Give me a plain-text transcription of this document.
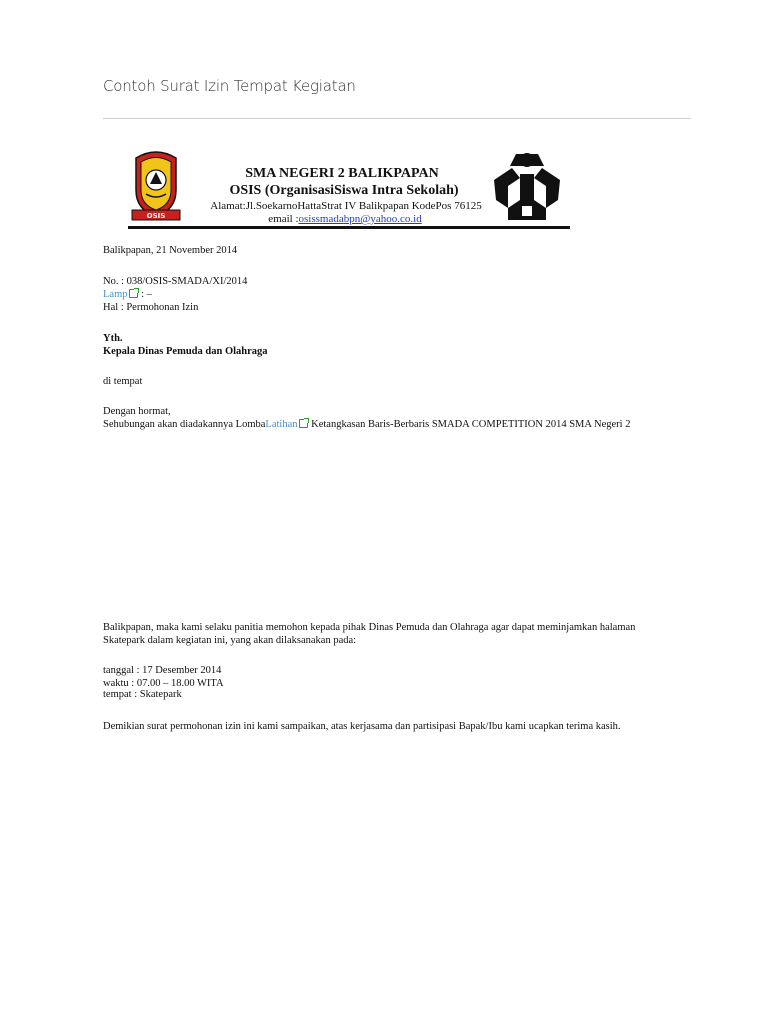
Contoh Surat Izin Tempat Kegiatan
OSIS
SMA NEGERI 2 BALIKPAPAN
OSIS (OrganisasiSiswa Intra Sekolah)
Alamat:Jl.SoekarnoHattaStrat IV Balikpapan KodePos 76125
email :osissmadabpn@yahoo.co.id
Balikpapan, 21 November 2014
No. : 038/OSIS-SMADA/XI/2014
Lamp : –
Hal : Permohonan Izin
Yth.
Kepala Dinas Pemuda dan Olahraga
di tempat
Dengan hormat,
Sehubungan akan diadakannya LombaLatihan Ketangkasan Baris-Berbaris SMADA COMPETITION 2014 SMA Negeri 2
Balikpapan, maka kami selaku panitia memohon kepada pihak Dinas Pemuda dan Olahraga agar dapat meminjamkan halaman
Skatepark dalam kegiatan ini, yang akan dilaksanakan pada:
tanggal : 17 Desember 2014
waktu : 07.00 – 18.00 WITA
tempat : Skatepark
Demikian surat permohonan izin ini kami sampaikan, atas kerjasama dan partisipasi Bapak/Ibu kami ucapkan terima kasih.
